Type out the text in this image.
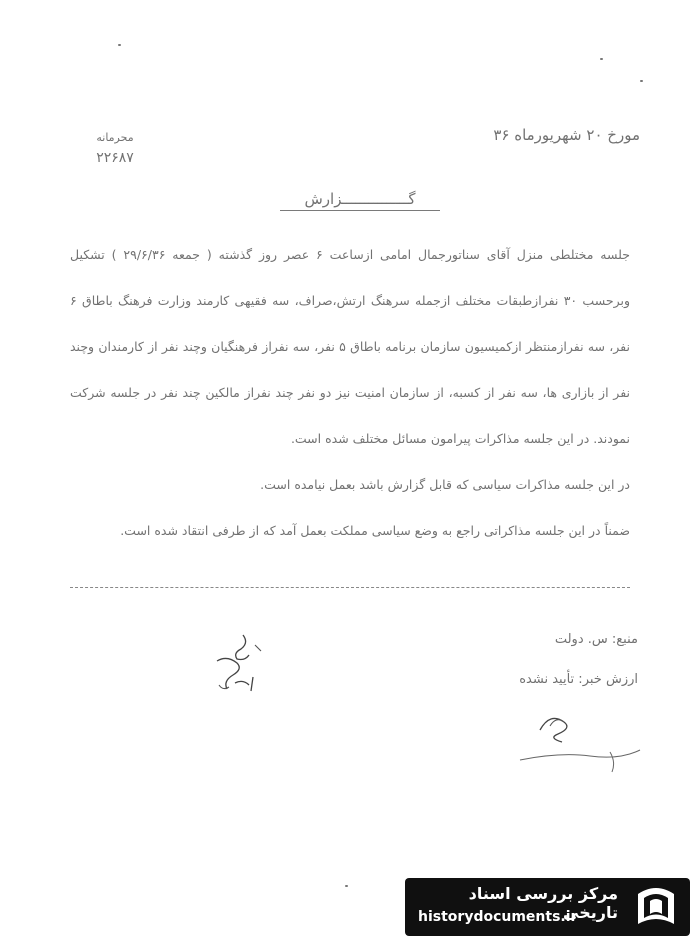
مورخ ۲۰ شهریورماه ۳۶
محرمانه
۲۲۶۸۷
گـــــــــــــــزارش

جلسه مختلطی منزل آقای سناتورجمال امامی ازساعت ۶ عصر روز گذشته ( جمعه ۲۹/۶/۳۶ ) تشکیل وبرحسب ۳۰ نفرازطبقات مختلف ازجمله سرهنگ ارتش،صراف، سه فقیهی کارمند وزارت فرهنگ باطاق ۶ نفر، سه نفرازمنتظر ازکمیسیون سازمان برنامه باطاق ۵ نفر، سه نفراز فرهنگیان وچند نفر از کارمندان وچند نفر از بازاری ها، سه نفر از کسبه، از سازمان امنیت نیز دو نفر چند نفراز مالکین چند نفر در جلسه شرکت نمودند. در این جلسه مذاکرات پیرامون مسائل مختلف شده است.

در این جلسه مذاکرات سیاسی که قابل گزارش باشد بعمل نیامده است.

ضمناً در این جلسه مذاکراتی راجع به وضع سیاسی مملکت بعمل آمد که از طرفی انتقاد شده است.

منبع: س. دولت
ارزش خبر: تأیید نشده
مرکز بررسی اسناد تاریخی
historydocuments.ir
